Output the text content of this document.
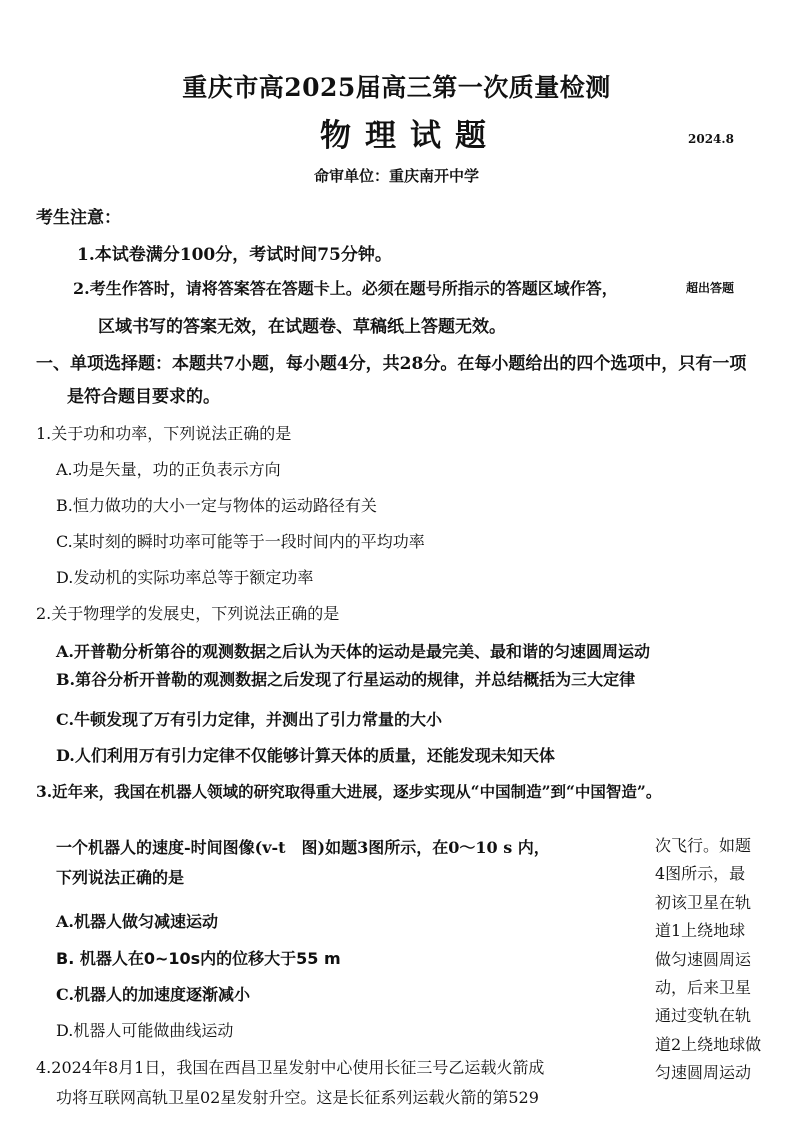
重庆市高2025届高三第一次质量检测
物理试题	2024.8
命审单位：重庆南开中学
考生注意：
1.本试卷满分100分，考试时间75分钟。
2.考生作答时，请将答案答在答题卡上。必须在题号所指示的答题区域作答，	超出答题
区域书写的答案无效，在试题卷、草稿纸上答题无效。
一、单项选择题：本题共7小题，每小题4分，共28分。在每小题给出的四个选项中，只有一项
是符合题目要求的。
1.关于功和功率，下列说法正确的是
A.功是矢量，功的正负表示方向
B.恒力做功的大小一定与物体的运动路径有关
C.某时刻的瞬时功率可能等于一段时间内的平均功率
D.发动机的实际功率总等于额定功率
2.关于物理学的发展史，下列说法正确的是
A.开普勒分析第谷的观测数据之后认为天体的运动是最完美、最和谐的匀速圆周运动
B.第谷分析开普勒的观测数据之后发现了行星运动的规律，并总结概括为三大定律
C.牛顿发现了万有引力定律，并测出了引力常量的大小
D.人们利用万有引力定律不仅能够计算天体的质量，还能发现未知天体
3.近年来，我国在机器人领域的研究取得重大进展，逐步实现从“中国制造”到“中国智造”。
一个机器人的速度-时间图像(v-t　图)如题3图所示，在0～10 s 内，
下列说法正确的是
A.机器人做匀减速运动
B. 机器人在0~10s内的位移大于55 m
C.机器人的加速度逐渐减小
D.机器人可能做曲线运动
4.2024年8月1日，我国在西昌卫星发射中心使用长征三号乙运载火箭成
功将互联网高轨卫星02星发射升空。这是长征系列运载火箭的第529
次飞行。如题
4图所示，最
初该卫星在轨
道1上绕地球
做匀速圆周运
动，后来卫星
通过变轨在轨
道2上绕地球做
匀速圆周运动
